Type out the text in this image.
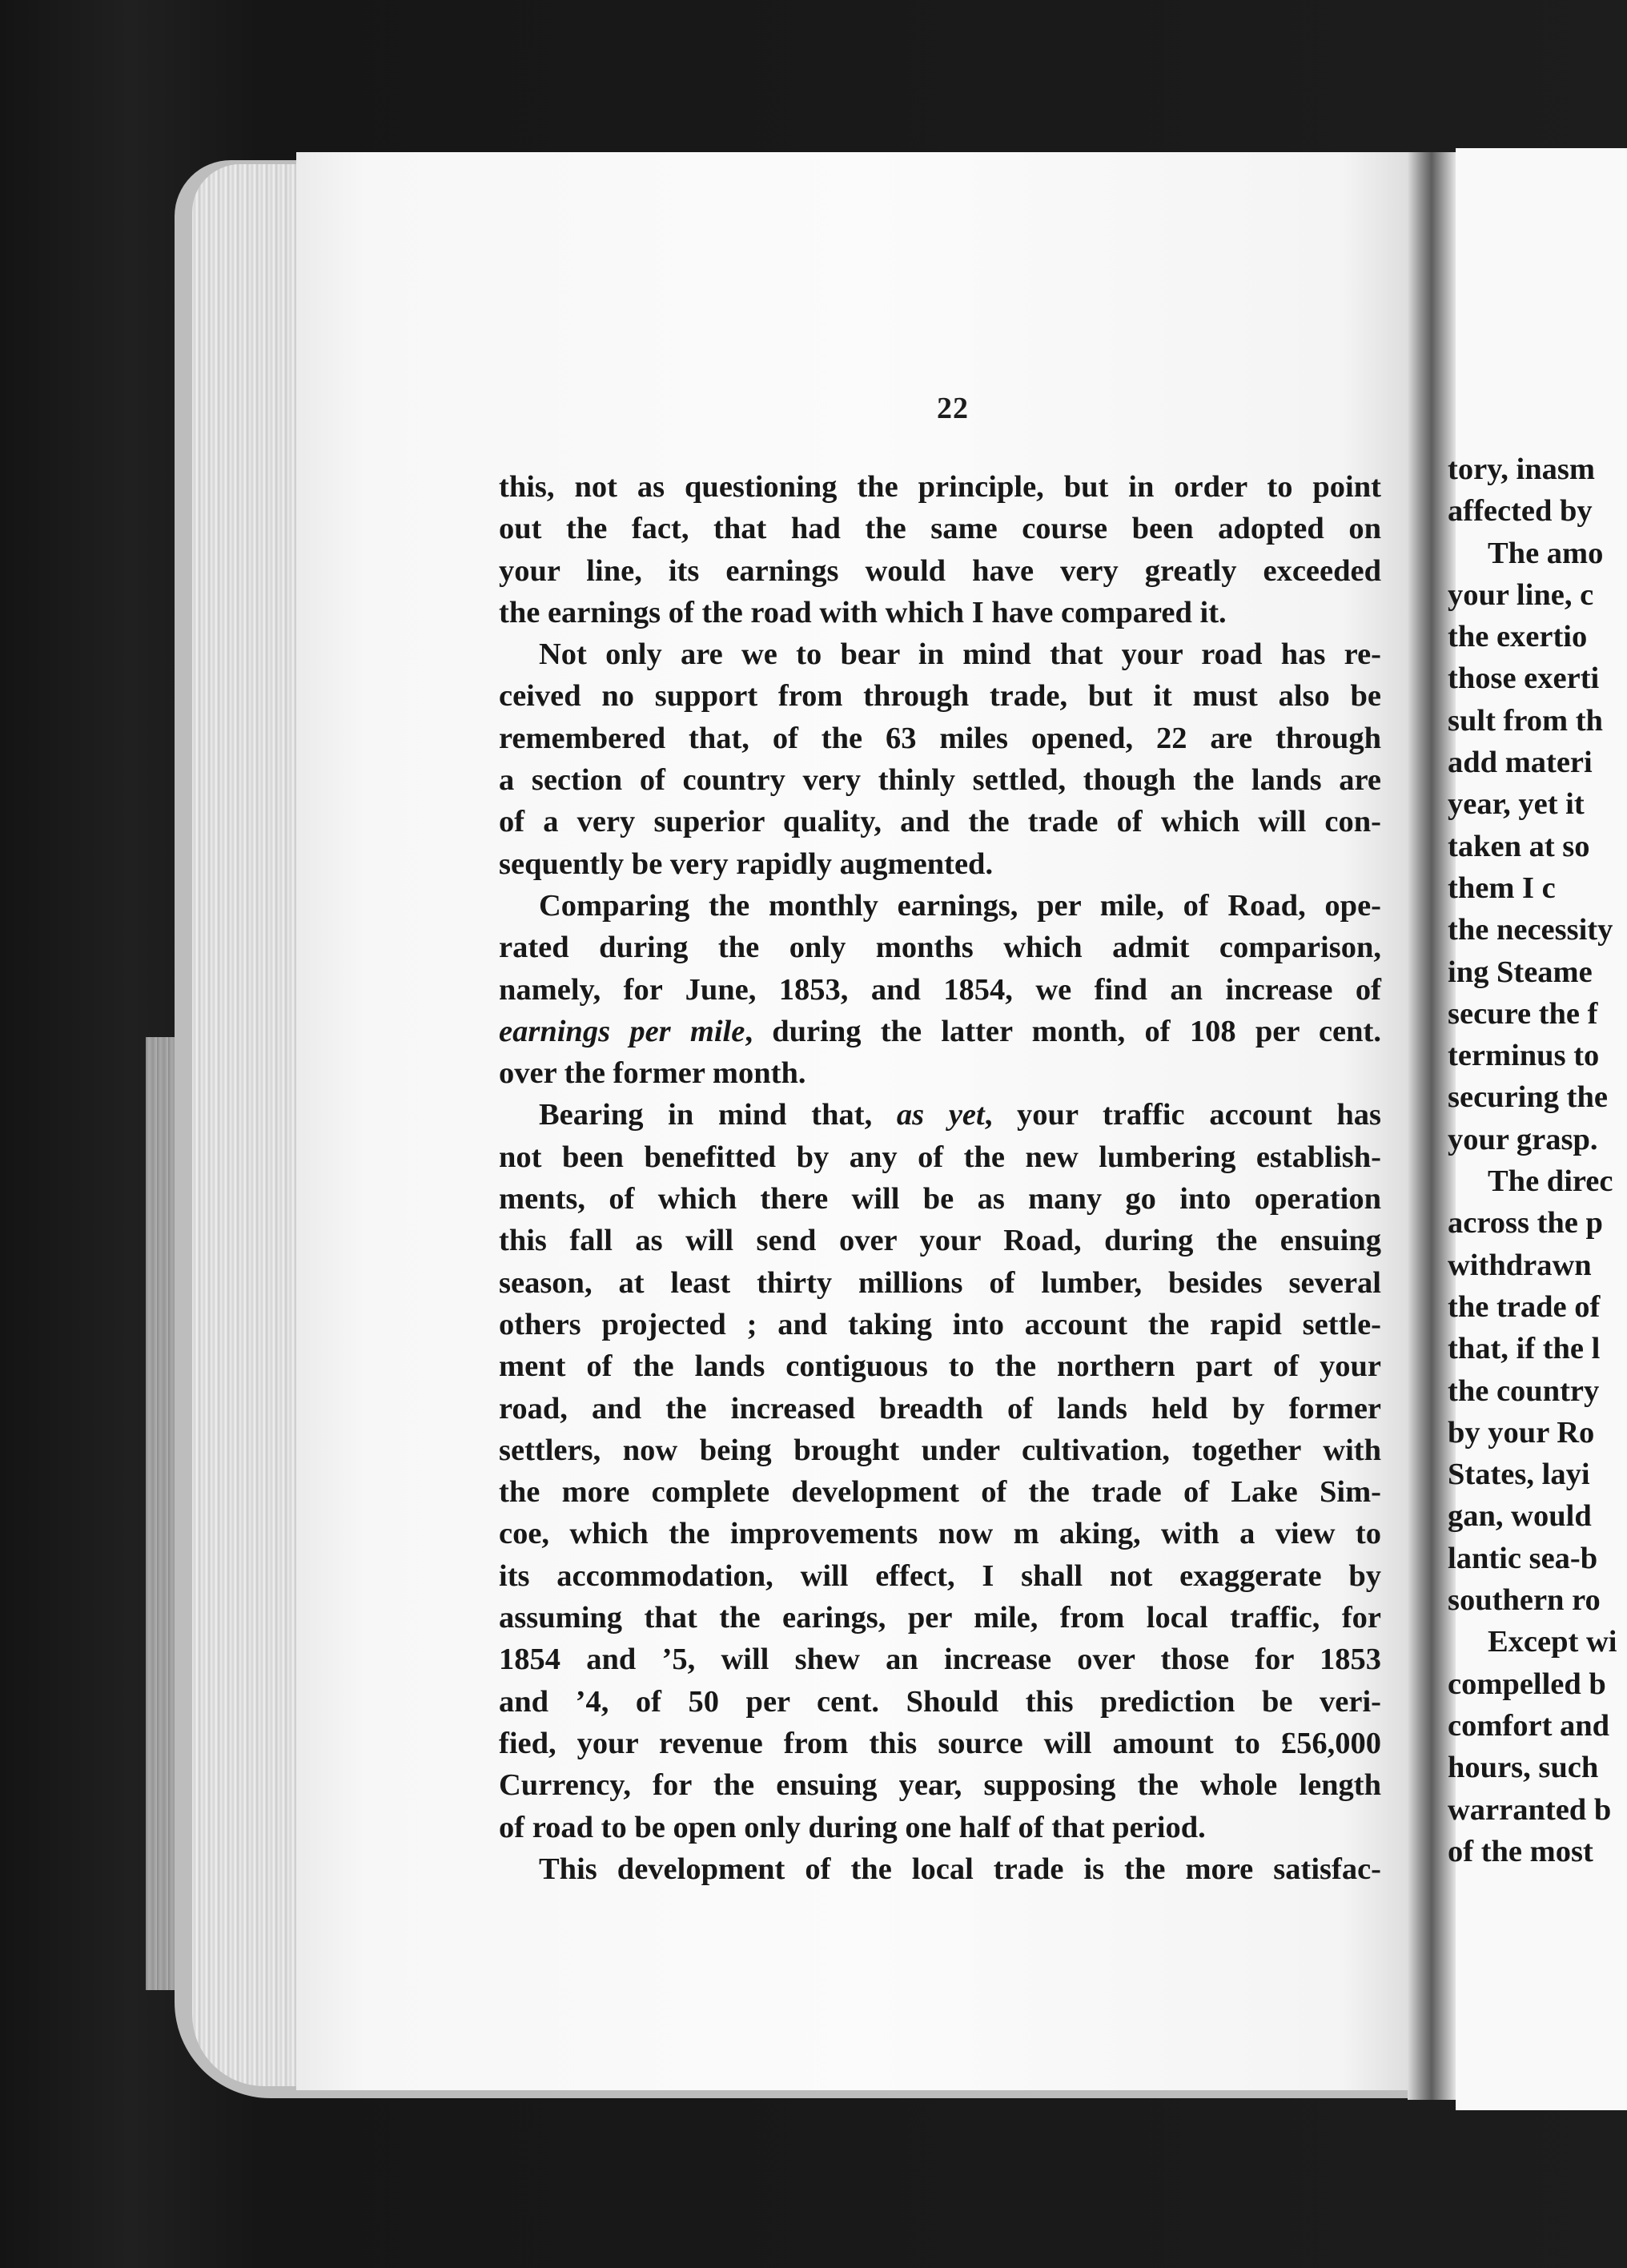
22
this, not as questioning the principle, but in order to point
out the fact, that had the same course been adopted on
your line, its earnings would have very greatly exceeded
the earnings of the road with which I have compared it.
Not only are we to bear in mind that your road has re-
ceived no support from through trade, but it must also be
remembered that, of the 63 miles opened, 22 are through
a section of country very thinly settled, though the lands are
of a very superior quality, and the trade of which will con-
sequently be very rapidly augmented.
Comparing the monthly earnings, per mile, of Road, ope-
rated during the only months which admit comparison,
namely, for June, 1853, and 1854, we find an increase of
earnings per mile, during the latter month, of 108 per cent.
over the former month.
Bearing in mind that, as yet, your traffic account has
not been benefitted by any of the new lumbering establish-
ments, of which there will be as many go into operation
this fall as will send over your Road, during the ensuing
season, at least thirty millions of lumber, besides several
others projected ; and taking into account the rapid settle-
ment of the lands contiguous to the northern part of your
road, and the increased breadth of lands held by former
settlers, now being brought under cultivation, together with
the more complete development of the trade of Lake Sim-
coe, which the improvements now m aking, with a view to
its accommodation, will effect, I shall not exaggerate by
assuming that the earings, per mile, from local traffic, for
1854 and ’5, will shew an increase over those for 1853
and ’4, of 50 per cent. Should this prediction be veri-
fied, your revenue from this source will amount to £56,000
Currency, for the ensuing year, supposing the whole length
of road to be open only during one half of that period.
This development of the local trade is the more satisfac-
tory, inasm
affected by
The amo
your line, c
the exertio
those exerti
sult from th
add materi
year, yet it
taken at so
them I c
the necessity
ing Steame
secure the f
terminus to
securing the
your grasp.
The direc
across the p
withdrawn
the trade of
that, if the l
the country
by your Ro
States, layi
gan, would
lantic sea-b
southern ro
Except wi
compelled b
comfort and
hours, such
warranted b
of the most
